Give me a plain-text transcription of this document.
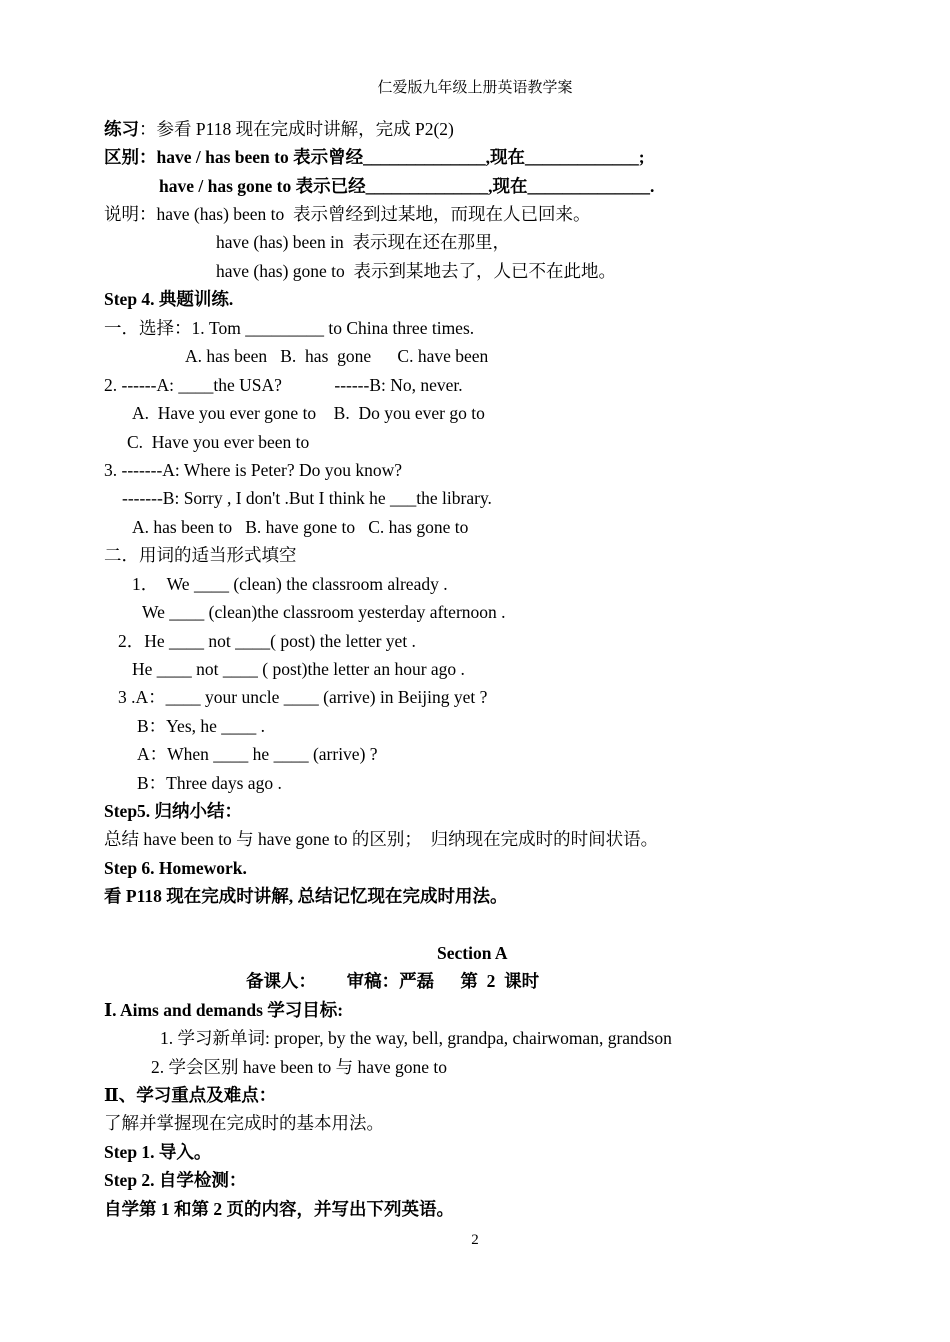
仁爱版九年级上册英语教学案
练习：参看 P118 现在完成时讲解，完成 P2(2)
区别：have / has been to 表示曾经______________,现在_____________;
have / has gone to 表示已经______________,现在______________.
说明：have (has) been to  表示曾经到过某地，而现在人已回来。
have (has) been in  表示现在还在那里，
have (has) gone to  表示到某地去了，人已不在此地。
Step 4. 典题训练.
一．选择：1. Tom _________ to China three times.
A. has been   B.  has  gone      C. have been
2. ------A: ____the USA?            ------B: No, never.
A.  Have you ever gone to    B.  Do you ever go to
C.  Have you ever been to
3. -------A: Where is Peter? Do you know?
-------B: Sorry , I don't .But I think he ___the library.
A. has been to   B. have gone to   C. has gone to
二．用词的适当形式填空
1．  We ____ (clean) the classroom already .
We ____ (clean)the classroom yesterday afternoon .
2．He ____ not ____( post) the letter yet .
He ____ not ____ ( post)the letter an hour ago .
3 .A：____ your uncle ____ (arrive) in Beijing yet ?
B：Yes, he ____ .
A：When ____ he ____ (arrive) ?
B：Three days ago .
Step5. 归纳小结：
总结 have been to 与 have gone to 的区别；  归纳现在完成时的时间状语。
Step 6. Homework.
看 P118 现在完成时讲解, 总结记忆现在完成时用法。
Section A
备课人：       审稿：严磊      第  2  课时
Ⅰ. Aims and demands 学习目标:
1. 学习新单词: proper, by the way, bell, grandpa, chairwoman, grandson
2. 学会区别 have been to 与 have gone to
Ⅱ、学习重点及难点：
了解并掌握现在完成时的基本用法。
Step 1. 导入。
Step 2. 自学检测：
自学第 1 和第 2 页的内容，并写出下列英语。
2
